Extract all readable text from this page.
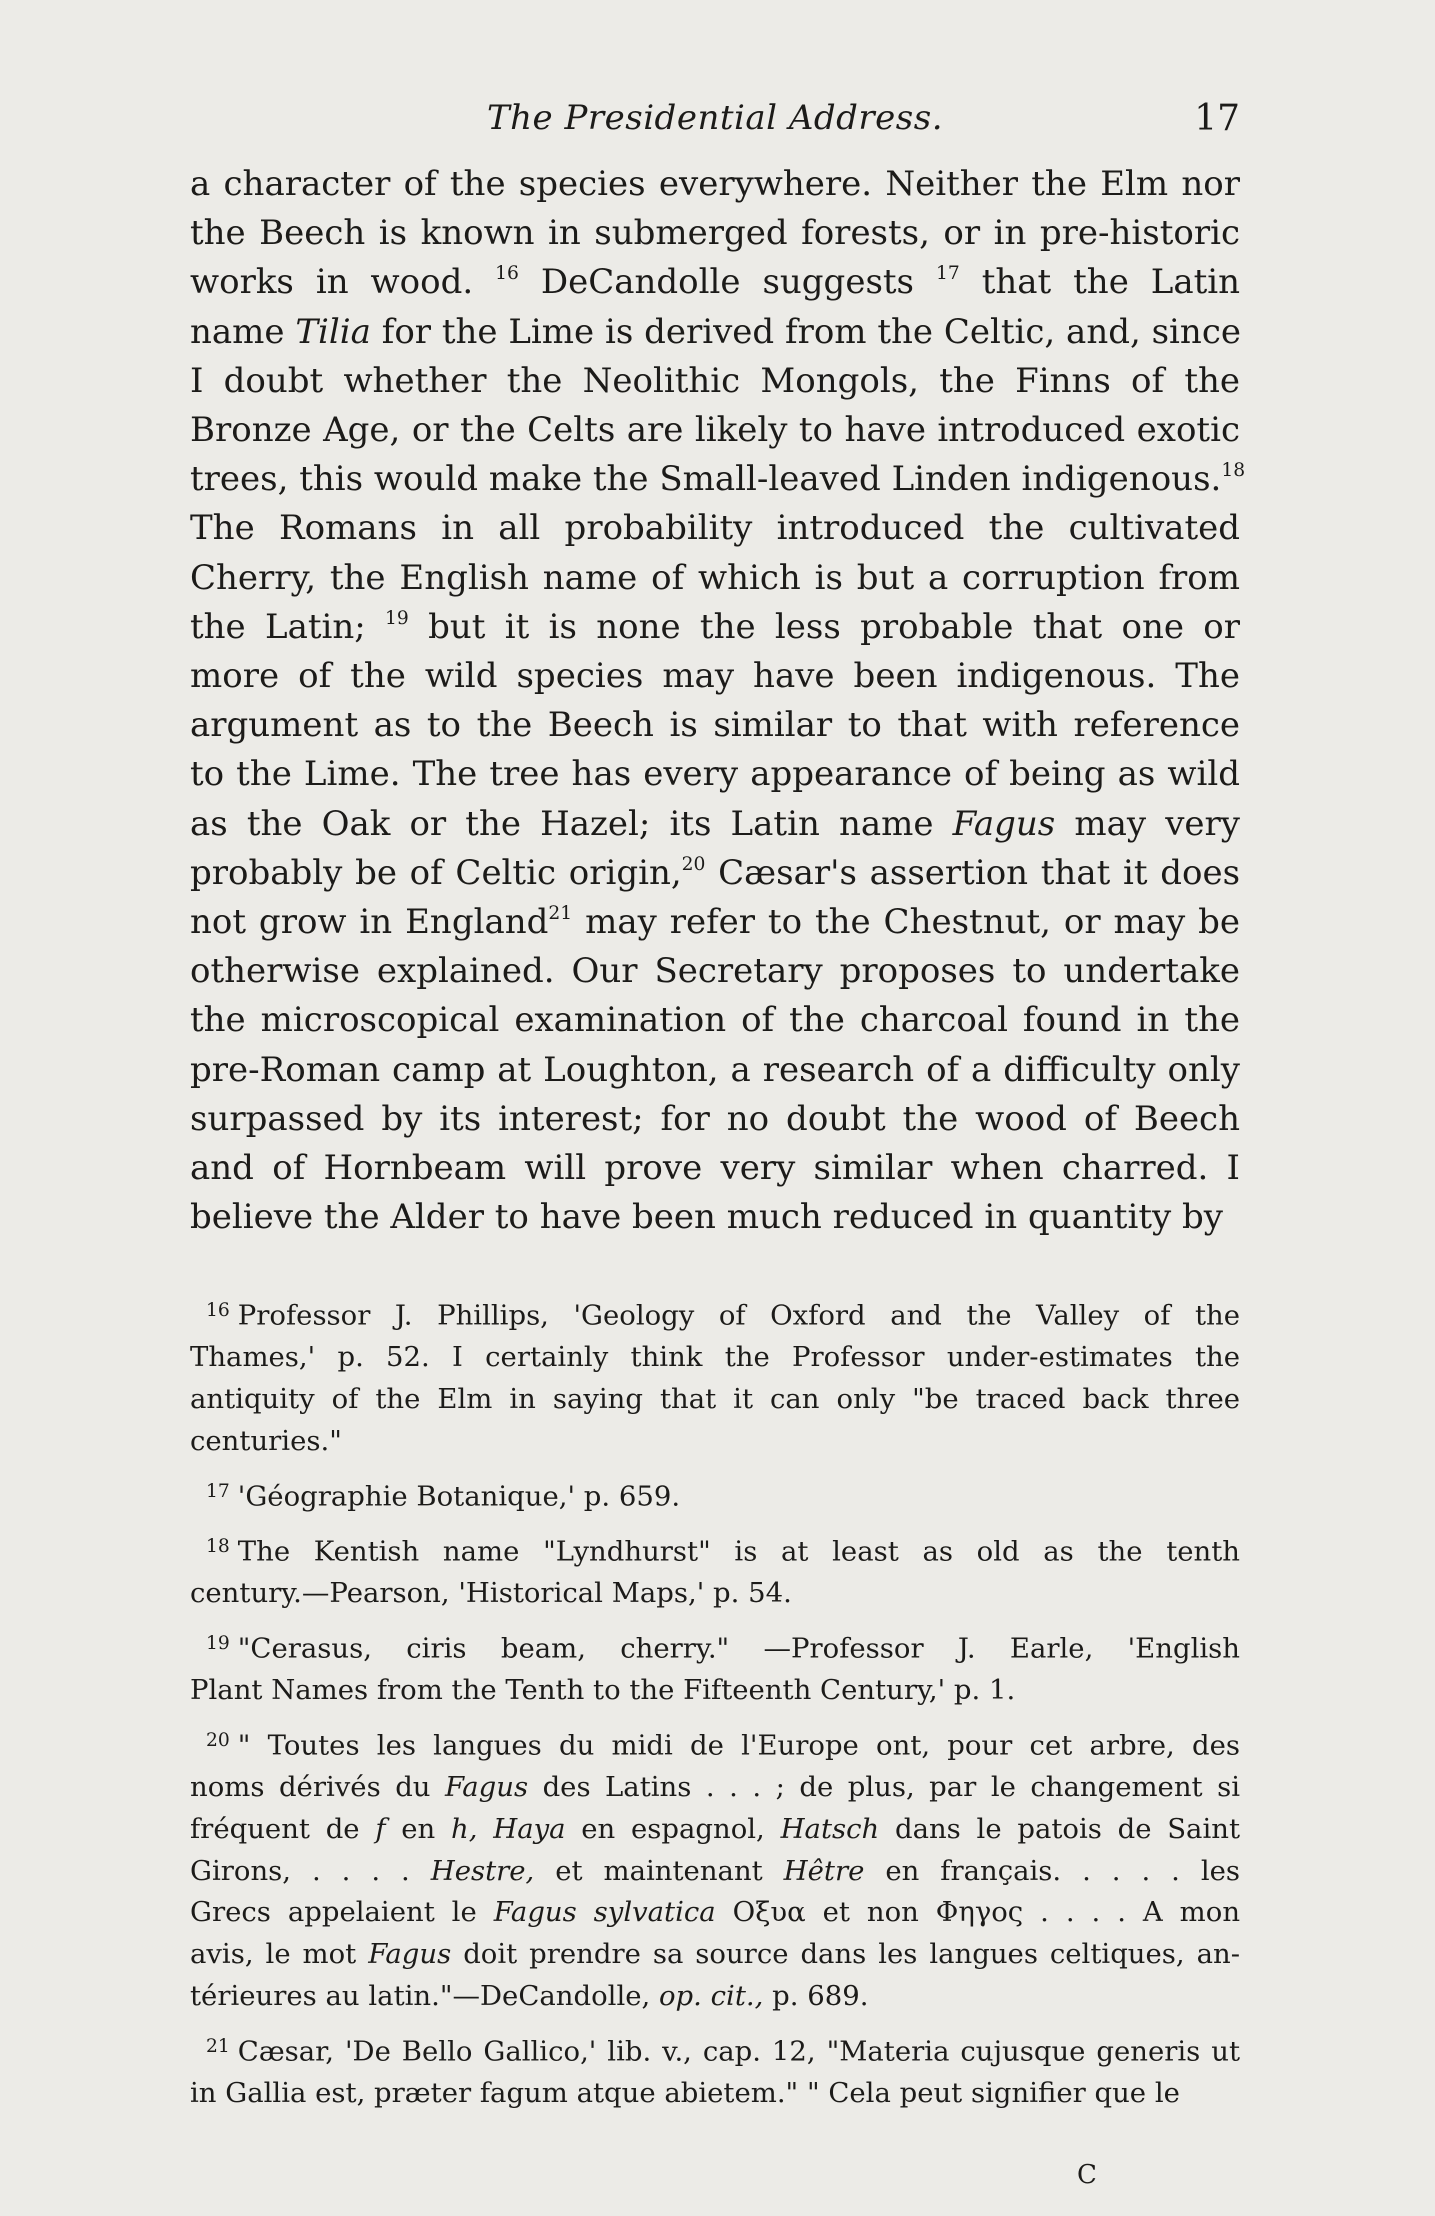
The Presidential Address.	17
a character of the species everywhere. Neither the Elm nor
the Beech is known in submerged forests, or in pre-historic
works in wood. $^{16}$ DeCandolle suggests $^{17}$ that the Latin
name Tilia for the Lime is derived from the Celtic, and, since
I doubt whether the Neolithic Mongols, the Finns of the
Bronze Age, or the Celts are likely to have introduced exotic
trees, this would make the Small-leaved Linden indigenous.$^{18}$
The Romans in all probability introduced the cultivated
Cherry, the English name of which is but a corruption from
the Latin; $^{19}$ but it is none the less probable that one or
more of the wild species may have been indigenous. The
argument as to the Beech is similar to that with reference
to the Lime. The tree has every appearance of being as wild
as the Oak or the Hazel; its Latin name Fagus may very
probably be of Celtic origin,$^{20}$ Cæsar's assertion that it does
not grow in England$^{21}$ may refer to the Chestnut, or may be
otherwise explained. Our Secretary proposes to undertake
the microscopical examination of the charcoal found in the
pre-Roman camp at Loughton, a research of a difficulty only
surpassed by its interest; for no doubt the wood of Beech
and of Hornbeam will prove very similar when charred. I
believe the Alder to have been much reduced in quantity by
$^{16}$ Professor J. Phillips, 'Geology of Oxford and the Valley of the
Thames,' p. 52. I certainly think the Professor under-estimates the
antiquity of the Elm in saying that it can only "be traced back three
centuries."
$^{17}$ 'Géographie Botanique,' p. 659.
$^{18}$ The Kentish name "Lyndhurst" is at least as old as the tenth
century.—Pearson, 'Historical Maps,' p. 54.
$^{19}$ "Cerasus, ciris beam, cherry." —Professor J. Earle, 'English
Plant Names from the Tenth to the Fifteenth Century,' p. 1.
$^{20}$ " Toutes les langues du midi de l'Europe ont, pour cet arbre, des
noms dérivés du Fagus des Latins . . . ; de plus, par le changement si
fréquent de f en h, Haya en espagnol, Hatsch dans le patois de Saint
Girons, . . . . Hestre, et maintenant Hêtre en français. . . . . les
Grecs appelaient le Fagus sylvatica Οξυα et non Φηγος . . . . A mon
avis, le mot Fagus doit prendre sa source dans les langues celtiques, an-
térieures au latin."—DeCandolle, op. cit., p. 689.
$^{21}$ Cæsar, 'De Bello Gallico,' lib. v., cap. 12, "Materia cujusque generis ut
in Gallia est, præter fagum atque abietem." " Cela peut signifier que le
C
